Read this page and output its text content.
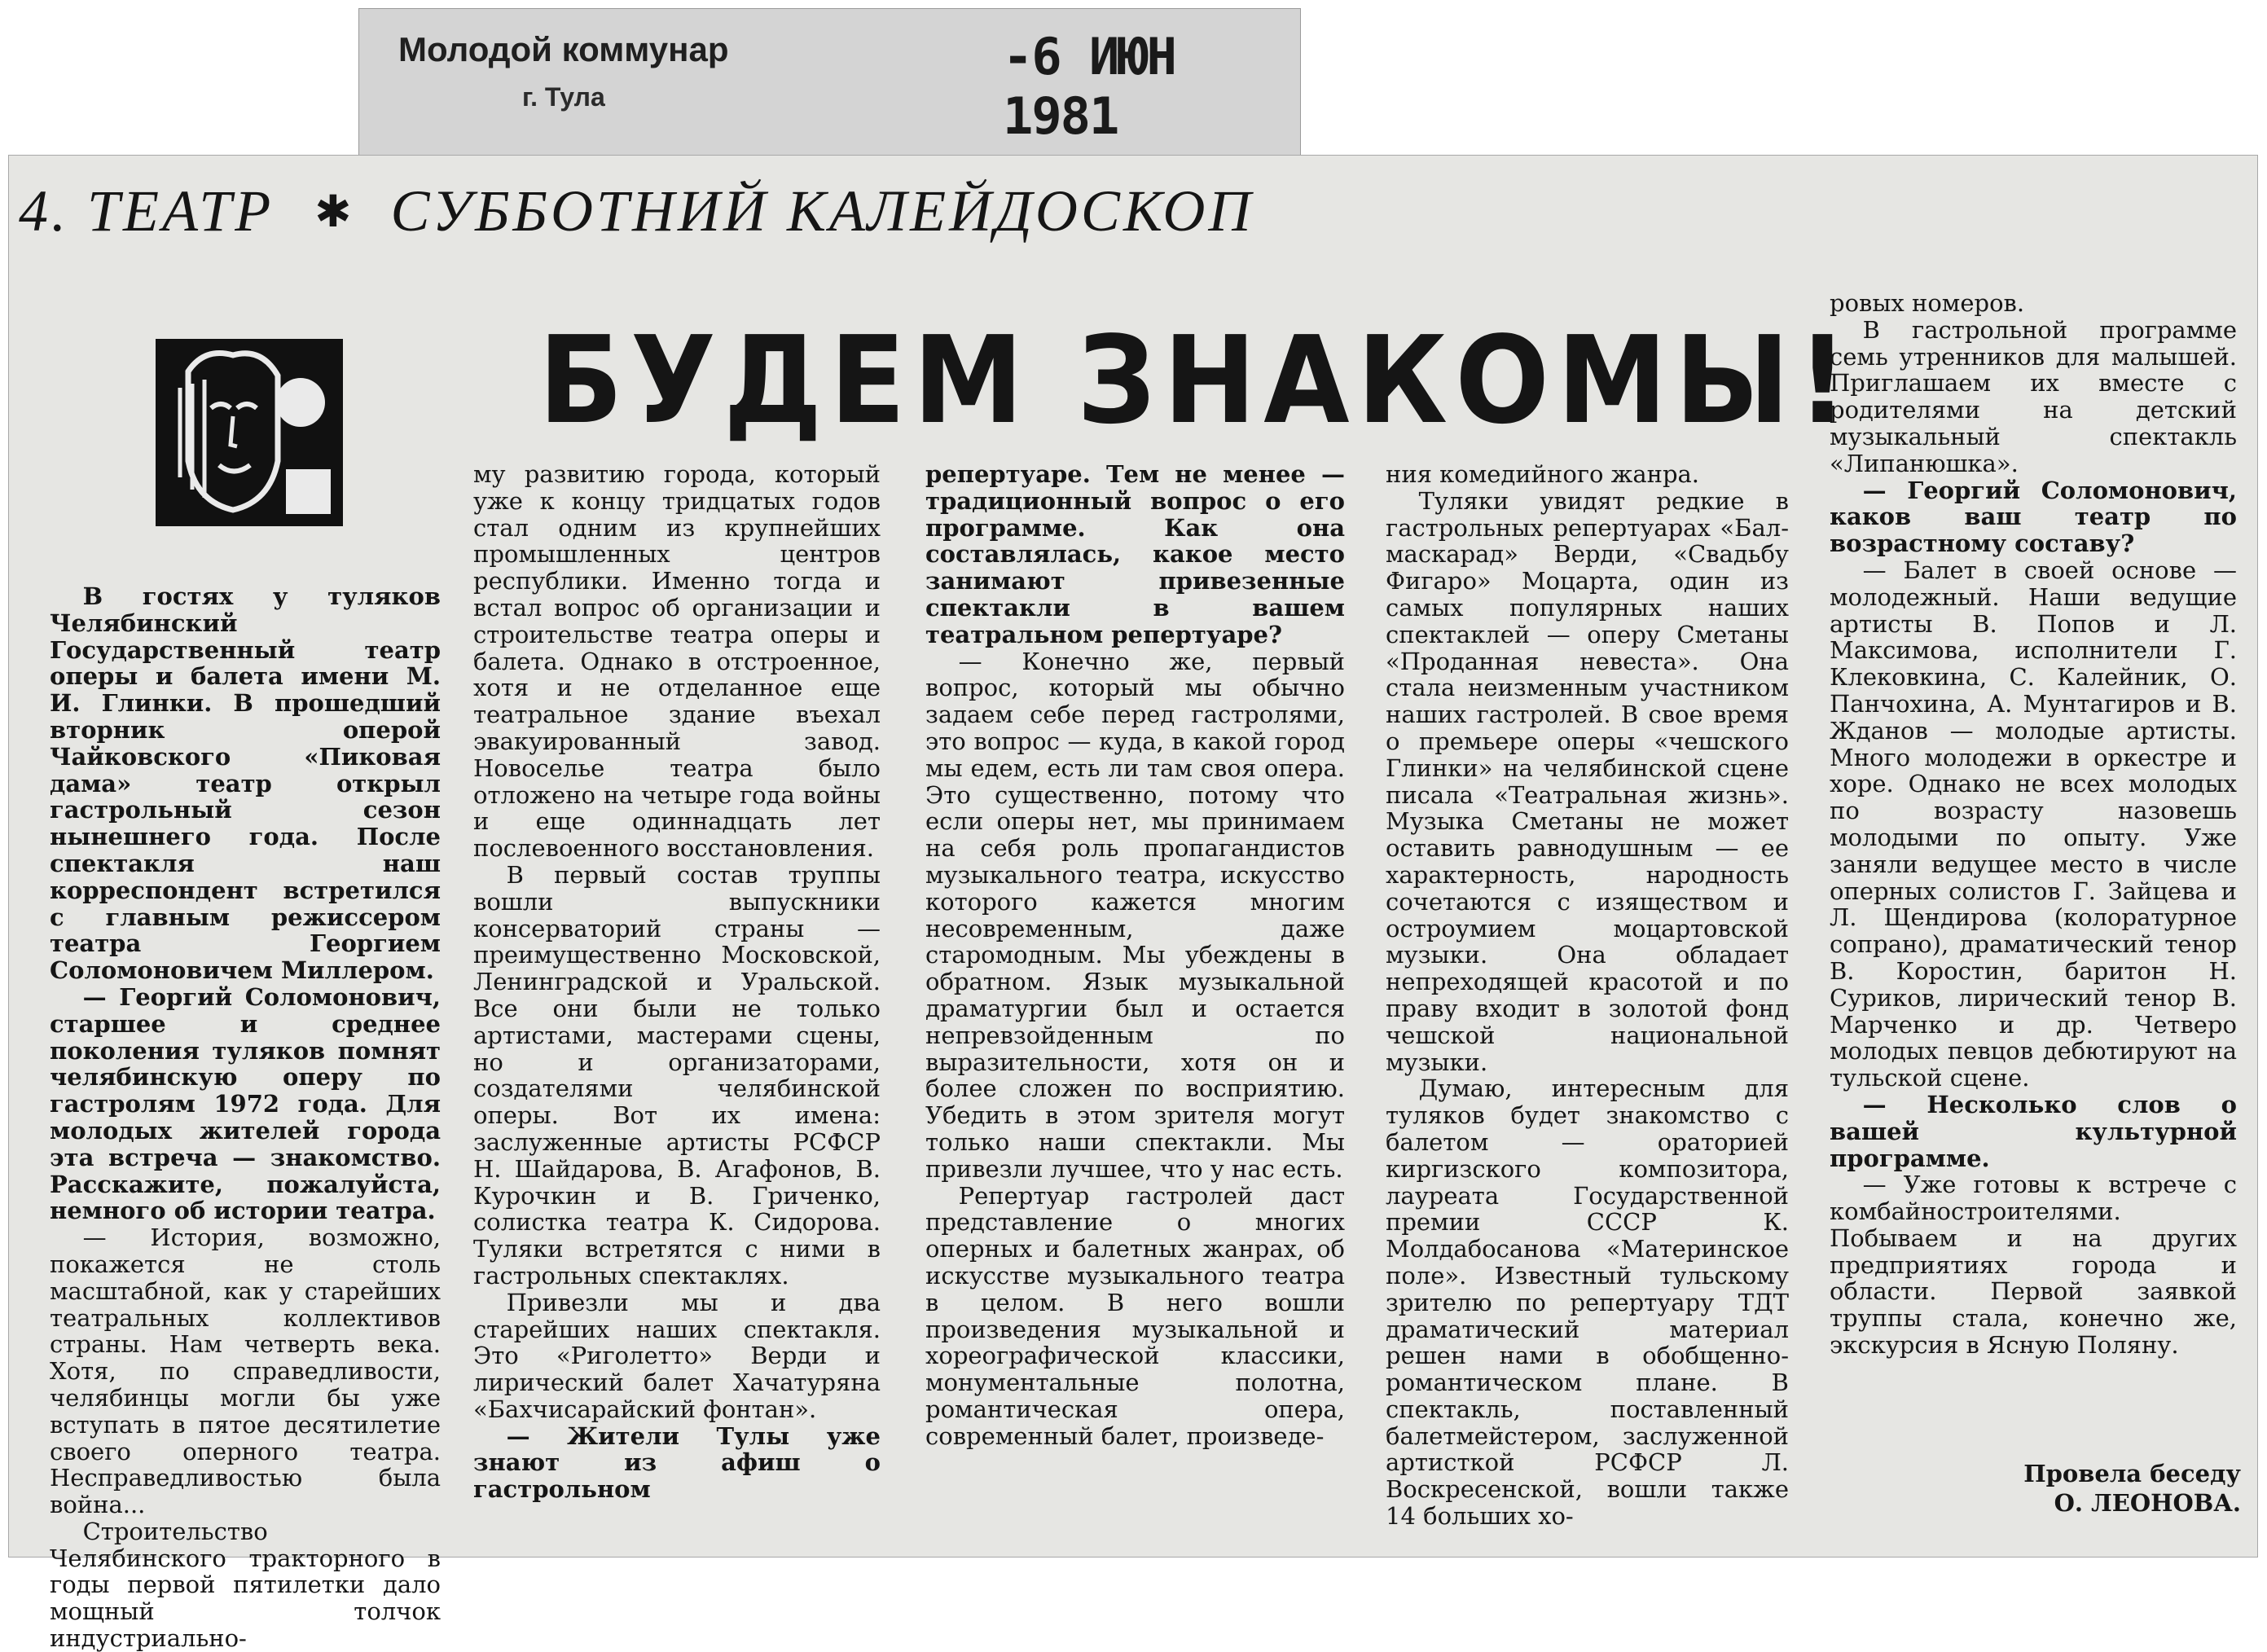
Молодой коммунар
г. Тула
-6 ИЮН 1981
4. ТЕАТР ✱ СУББОТНИЙ КАЛЕЙДОСКОП
БУДЕМ ЗНАКОМЫ!

В гостях у туляков Челябинский Государственный театр оперы и балета имени М. И. Глинки. В прошедший вторник оперой Чайковского «Пиковая дама» театр открыл гастрольный сезон нынешнего года. После спектакля наш корреспондент встретился с главным режиссером театра Георгием Соломоновичем Миллером.

— Георгий Соломонович, старшее и среднее поколения туляков помнят челябинскую оперу по гастролям 1972 года. Для молодых жителей города эта встреча — знакомство. Расскажите, пожалуйста, немного об истории театра.

— История, возможно, покажется не столь масштабной, как у старейших театральных коллективов страны. Нам четверть века. Хотя, по справедливости, челябинцы могли бы уже вступать в пятое десятилетие своего оперного театра. Несправедливостью была война...

Строительство Челябинского тракторного в годы первой пятилетки дало мощный толчок индустриально-

му развитию города, который уже к концу тридцатых годов стал одним из крупнейших промышленных центров республики. Именно тогда и встал вопрос об организации и строительстве театра оперы и балета. Однако в отстроенное, хотя и не отделанное еще театральное здание въехал эвакуированный завод. Новоселье театра было отложено на четыре года войны и еще одиннадцать лет послевоенного восстановления.

В первый состав труппы вошли выпускники консерваторий страны — преимущественно Московской, Ленинградской и Уральской. Все они были не только артистами, мастерами сцены, но и организаторами, создателями челябинской оперы. Вот их имена: заслуженные артисты РСФСР Н. Шайдарова, В. Агафонов, В. Курочкин и В. Гриченко, солистка театра К. Сидорова. Туляки встретятся с ними в гастрольных спектаклях.

Привезли мы и два старейших наших спектакля. Это «Риголетто» Верди и лирический балет Хачатуряна «Бахчисарайский фонтан».

— Жители Тулы уже знают из афиш о гастрольном

репертуаре. Тем не менее — традиционный вопрос о его программе. Как она составлялась, какое место занимают привезенные спектакли в вашем театральном репертуаре?

— Конечно же, первый вопрос, который мы обычно задаем себе перед гастролями, это вопрос — куда, в какой город мы едем, есть ли там своя опера. Это существенно, потому что если оперы нет, мы принимаем на себя роль пропагандистов музыкального театра, искусство которого кажется многим несовременным, даже старомодным. Мы убеждены в обратном. Язык музыкальной драматургии был и остается непревзойденным по выразительности, хотя он и более сложен по восприятию. Убедить в этом зрителя могут только наши спектакли. Мы привезли лучшее, что у нас есть.

Репертуар гастролей даст представление о многих оперных и балетных жанрах, об искусстве музыкального театра в целом. В него вошли произведения музыкальной и хореографической классики, монументальные полотна, романтическая опера, современный балет, произведе-

ния комедийного жанра.

Туляки увидят редкие в гастрольных репертуарах «Бал-маскарад» Верди, «Свадьбу Фигаро» Моцарта, один из самых популярных наших спектаклей — оперу Сметаны «Проданная невеста». Она стала неизменным участником наших гастролей. В свое время о премьере оперы «чешского Глинки» на челябинской сцене писала «Театральная жизнь». Музыка Сметаны не может оставить равнодушным — ее характерность, народность сочетаются с изяществом и остроумием моцартовской музыки. Она обладает непреходящей красотой и по праву входит в золотой фонд чешской национальной музыки.

Думаю, интересным для туляков будет знакомство с балетом — ораторией киргизского композитора, лауреата Государственной премии СССР К. Молдабосанова «Материнское поле». Известный тульскому зрителю по репертуару ТДТ драматический материал решен нами в обобщенно-романтическом плане. В спектакль, поставленный балетмейстером, заслуженной артисткой РСФСР Л. Воскресенской, вошли также 14 больших хо-

ровых номеров.

В гастрольной программе семь утренников для малышей. Приглашаем их вместе с родителями на детский музыкальный спектакль «Липанюшка».

— Георгий Соломонович, каков ваш театр по возрастному составу?

— Балет в своей основе — молодежный. Наши ведущие артисты В. Попов и Л. Максимова, исполнители Г. Клековкина, С. Калейник, О. Панчохина, А. Мунтагиров и В. Жданов — молодые артисты. Много молодежи в оркестре и хоре. Однако не всех молодых по возрасту назовешь молодыми по опыту. Уже заняли ведущее место в числе оперных солистов Г. Зайцева и Л. Щендирова (колоратурное сопрано), драматический тенор В. Коростин, баритон Н. Суриков, лирический тенор В. Марченко и др. Четверо молодых певцов дебютируют на тульской сцене.

— Несколько слов о вашей культурной программе.

— Уже готовы к встрече с комбайностроителями. Побываем и на других предприятиях города и области. Первой заявкой труппы стала, конечно же, экскурсия в Ясную Поляну.

Провела беседу
О. ЛЕОНОВА.
